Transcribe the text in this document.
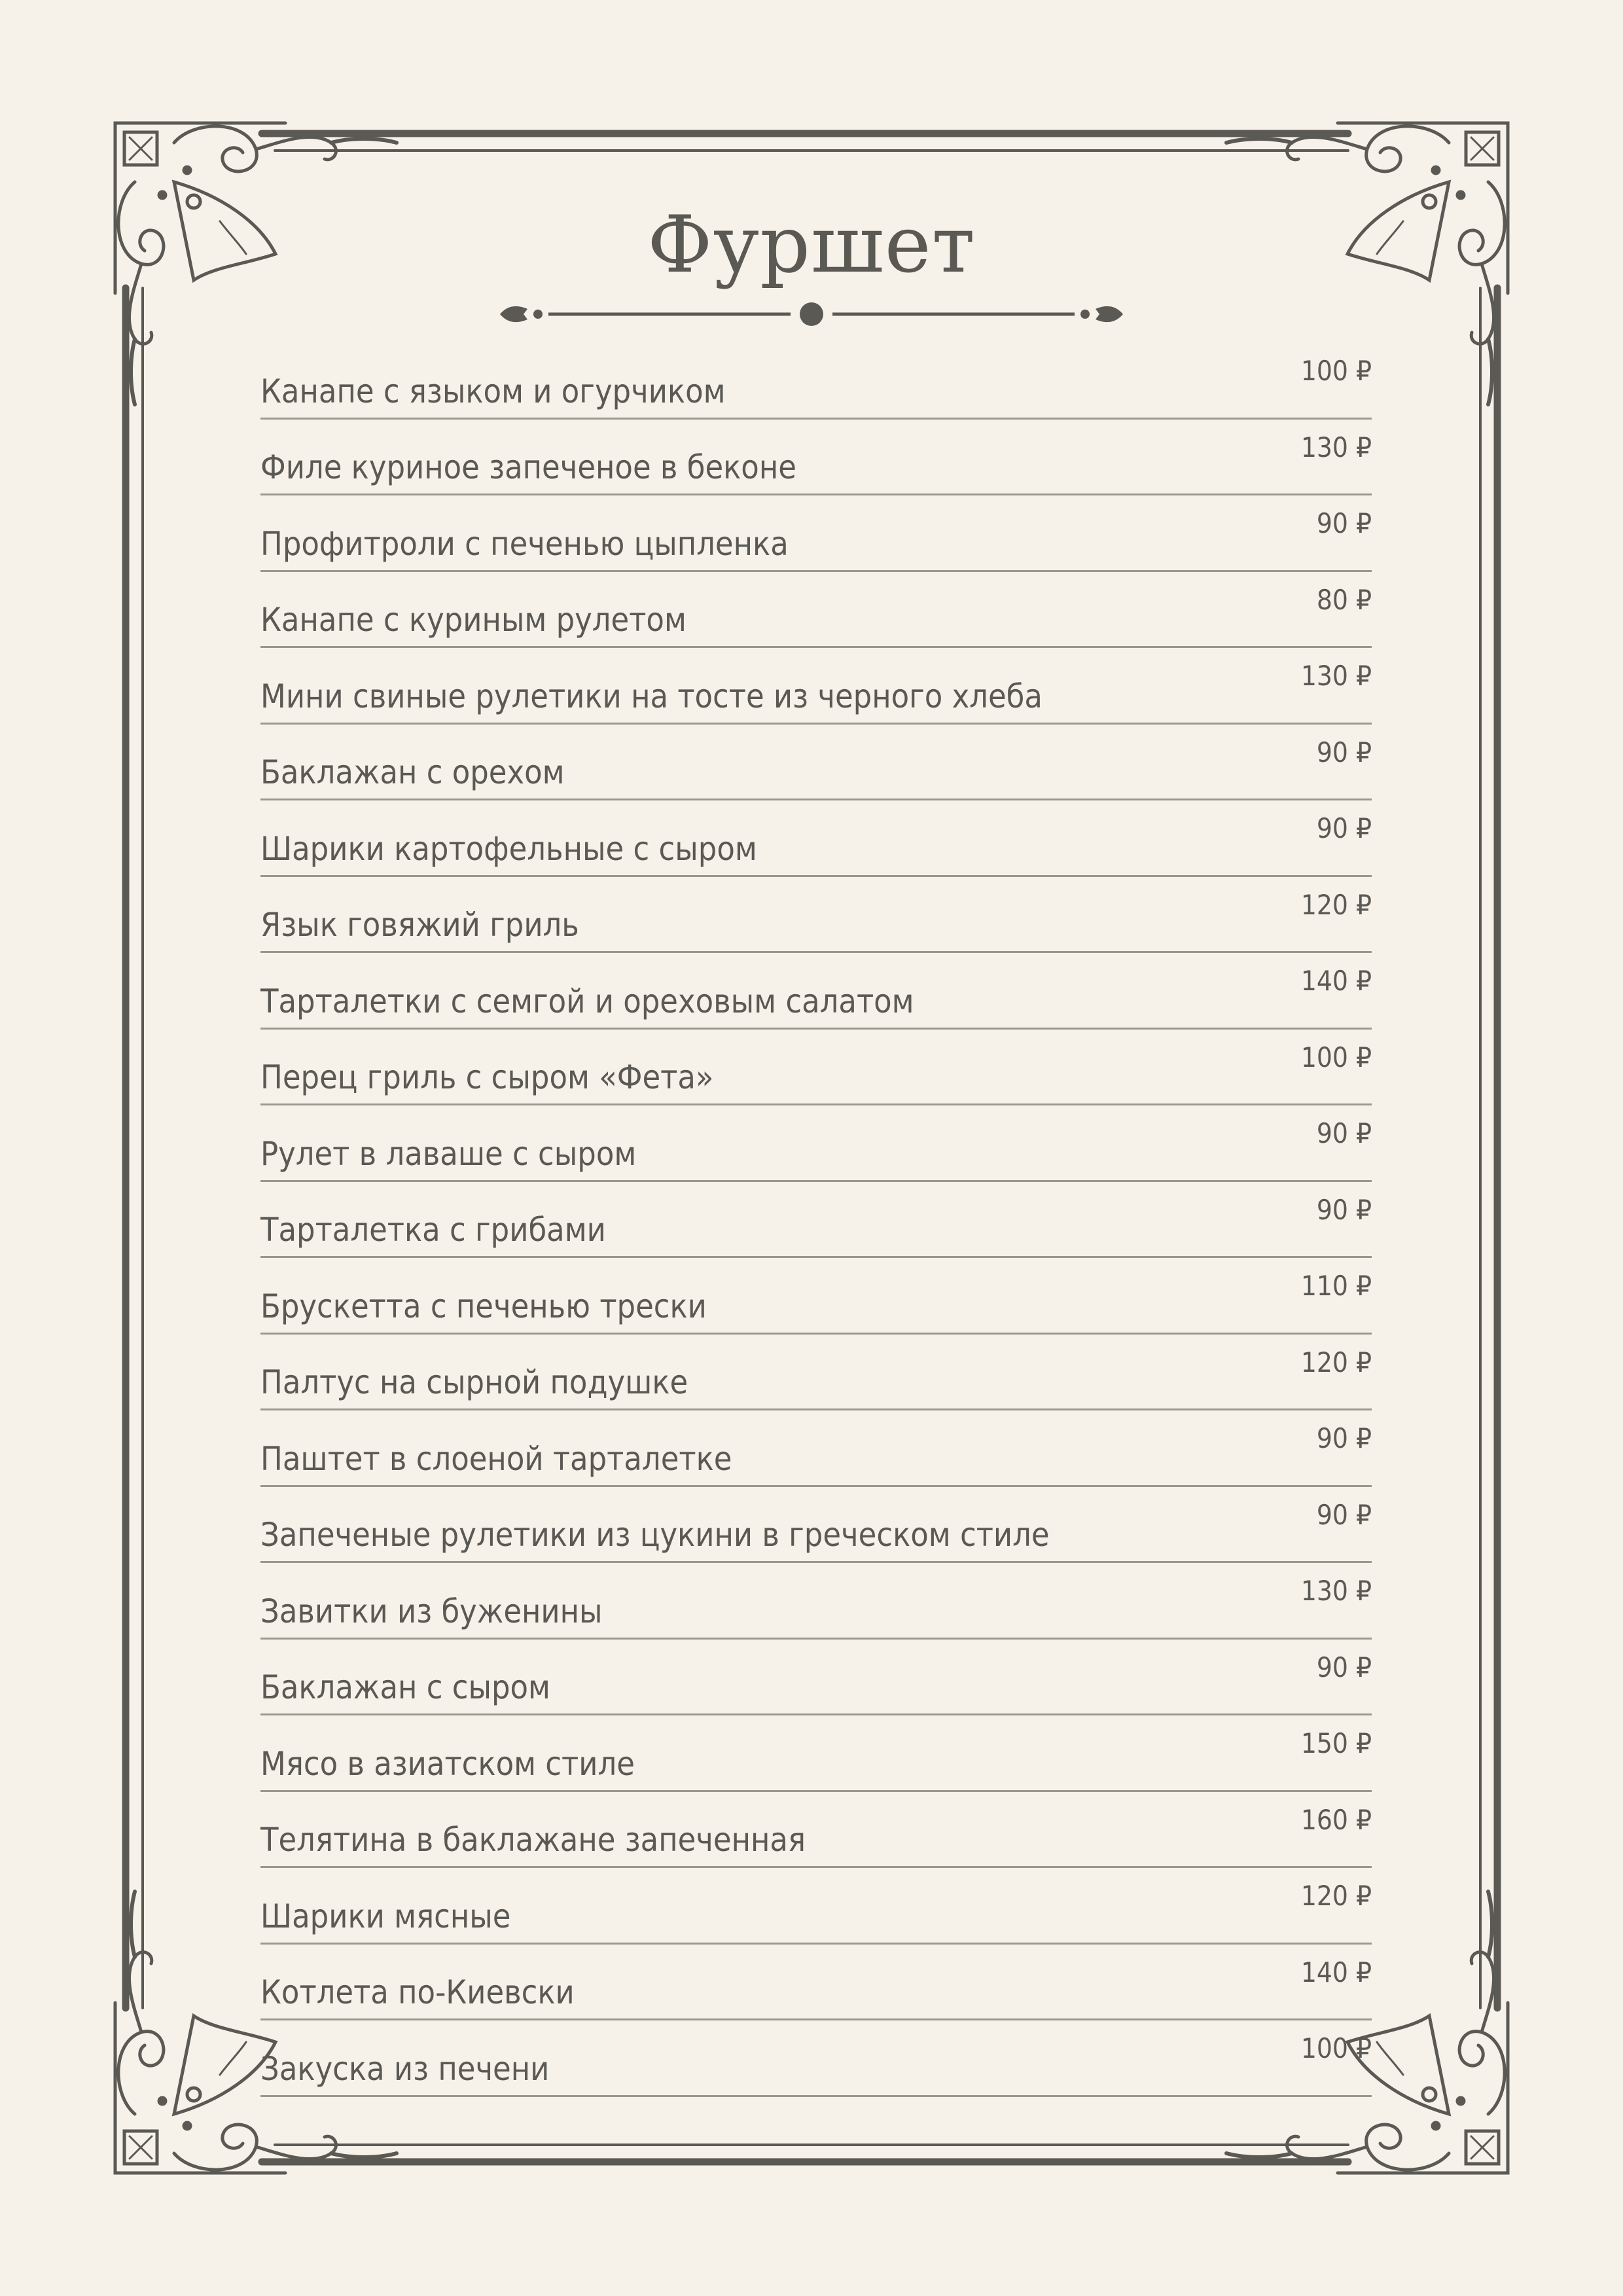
Фуршет
Канапе с языком и огурчиком
100 ₽
Филе куриное запеченое в беконе
130 ₽
Профитроли с печенью цыпленка
90 ₽
Канапе с куриным рулетом
80 ₽
Мини свиные рулетики на тосте из черного хлеба
130 ₽
Баклажан с орехом
90 ₽
Шарики картофельные с сыром
90 ₽
Язык говяжий гриль
120 ₽
Тарталетки с семгой и ореховым салатом
140 ₽
Перец гриль с сыром «Фета»
100 ₽
Рулет в лаваше с сыром
90 ₽
Тарталетка с грибами
90 ₽
Брускетта с печенью трески
110 ₽
Палтус на сырной подушке
120 ₽
Паштет в слоеной тарталетке
90 ₽
Запеченые рулетики из цукини в греческом стиле
90 ₽
Завитки из буженины
130 ₽
Баклажан с сыром
90 ₽
Мясо в азиатском стиле
150 ₽
Телятина в баклажане запеченная
160 ₽
Шарики мясные
120 ₽
Котлета по-Киевски
140 ₽
Закуска из печени
100 ₽
